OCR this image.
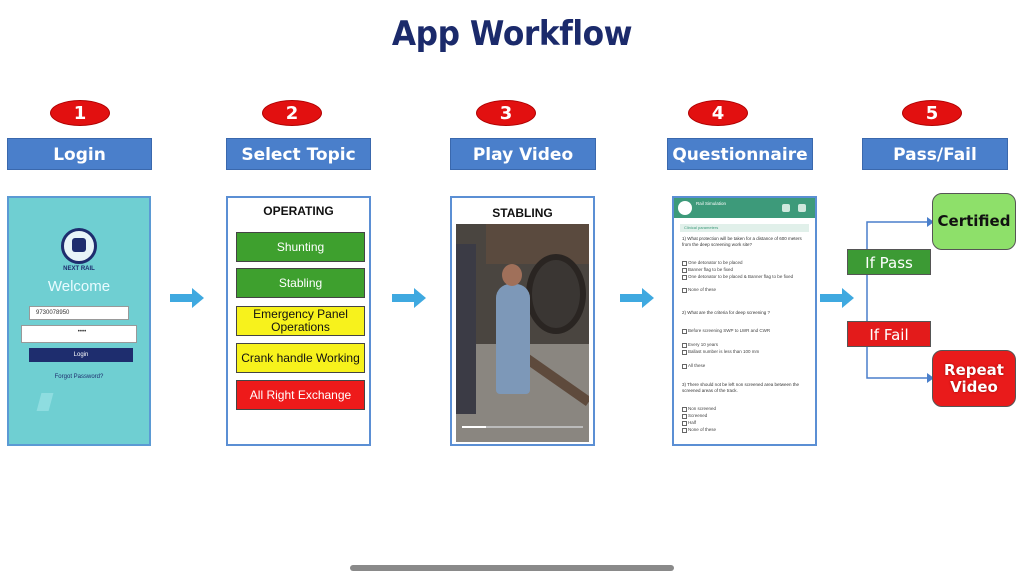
App Workflow
1	2	3	4	5
Login	Select Topic	Play Video	Questionnaire	Pass/Fail
NEXT RAIL
Welcome
9730078950
••••
Login
Forgot Password?
OPERATING
Shunting
Stabling
Emergency Panel Operations
Crank handle Working
All Right Exchange
STABLING
Rail Simulation
Clinical parameters
1) What protection will be taken for a distance of 600 meters from the deep screening work site?
One detonator to be placed
Banner flag to be fixed
One detonator to be placed & Banner flag to be fixed
None of these
2) What are the criteria for deep screening ?
Before screening SWP to LWR and CWR
Every 10 years
Ballast number is less than 100 mm
All these
3) There should not be left non screened area between the screened areas of the track.
Non screened
Screened
Half
None of these
If Pass
If Fail
Certified
Repeat Video
